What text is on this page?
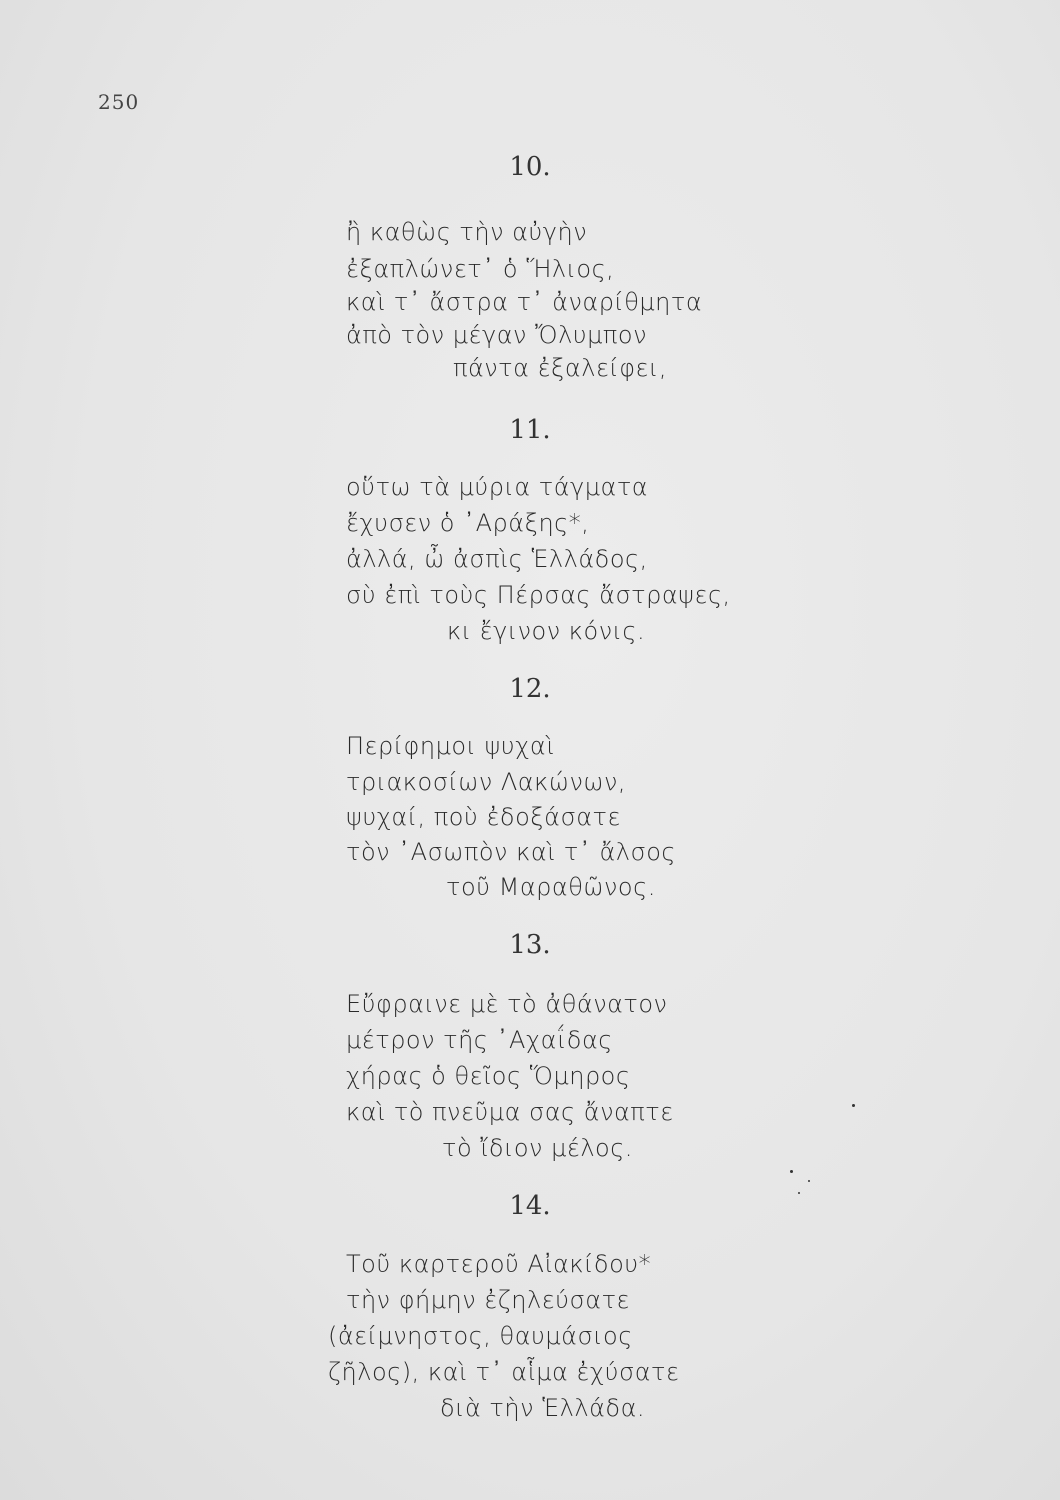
250
10.
ἢ καθὼς τὴν αὐγὴν
ἐξαπλώνετ᾽ ὁ Ἥλιος,
καὶ τ᾽ ἄστρα τ᾽ ἀναρίθμητα
ἀπὸ τὸν μέγαν Ὄλυμπον
πάντα ἐξαλείφει,
11.
οὕτω τὰ μύρια τάγματα
ἔχυσεν ὁ ᾿Αράξης*,
ἀλλά, ὦ ἀσπὶς Ἑλλάδος,
σὺ ἐπὶ τοὺς Πέρσας ἄστραψες,
κι ἔγινον κόνις.
12.
Περίφημοι ψυχαὶ
τριακοσίων Λακώνων,
ψυχαί, ποὺ ἐδοξάσατε
τὸν ᾿Ασωπὸν καὶ τ᾽ ἄλσος
τοῦ Μαραθῶνος.
13.
Εὔφραινε μὲ τὸ ἀθάνατον
μέτρον τῆς ᾿Αχαΐδας
χήρας ὁ θεῖος Ὅμηρος
καὶ τὸ πνεῦμα σας ἄναπτε
τὸ ἴδιον μέλος.
14.
Τοῦ καρτεροῦ Αἰακίδου*
τὴν φήμην ἐζηλεύσατε
(ἀείμνηστος, θαυμάσιος
ζῆλος), καὶ τ᾽ αἷμα ἐχύσατε
διὰ τὴν Ἑλλάδα.
